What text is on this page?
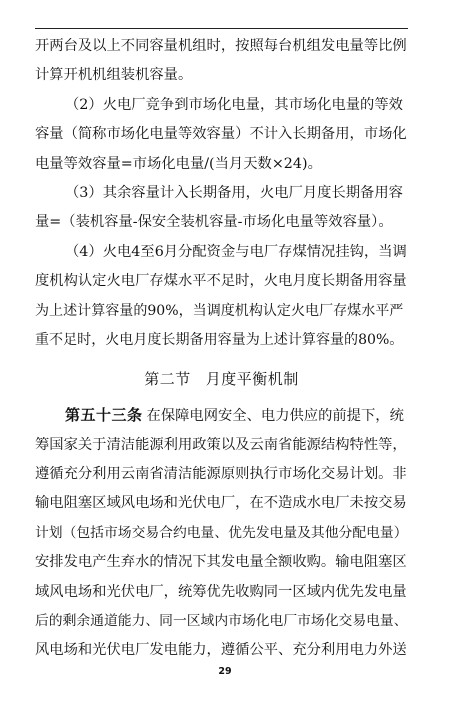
开两台及以上不同容量机组时，按照每台机组发电量等比例
计算开机机组装机容量。
（2）火电厂竞争到市场化电量，其市场化电量的等效
容量（简称市场化电量等效容量）不计入长期备用，市场化
电量等效容量=市场化电量/(当月天数×24)。
（3）其余容量计入长期备用，火电厂月度长期备用容
量=（装机容量-保安全装机容量-市场化电量等效容量）。
（4）火电4至6月分配资金与电厂存煤情况挂钩，当调
度机构认定火电厂存煤水平不足时，火电月度长期备用容量
为上述计算容量的90%，当调度机构认定火电厂存煤水平严
重不足时，火电月度长期备用容量为上述计算容量的80%。
第二节 月度平衡机制
第五十三条 在保障电网安全、电力供应的前提下，统
筹国家关于清洁能源利用政策以及云南省能源结构特性等，
遵循充分利用云南省清洁能源原则执行市场化交易计划。非
输电阻塞区域风电场和光伏电厂，在不造成水电厂未按交易
计划（包括市场交易合约电量、优先发电量及其他分配电量）
安排发电产生弃水的情况下其发电量全额收购。输电阻塞区
域风电场和光伏电厂，统筹优先收购同一区域内优先发电量
后的剩余通道能力、同一区域内市场化电厂市场化交易电量、
风电场和光伏电厂发电能力，遵循公平、充分利用电力外送
29
